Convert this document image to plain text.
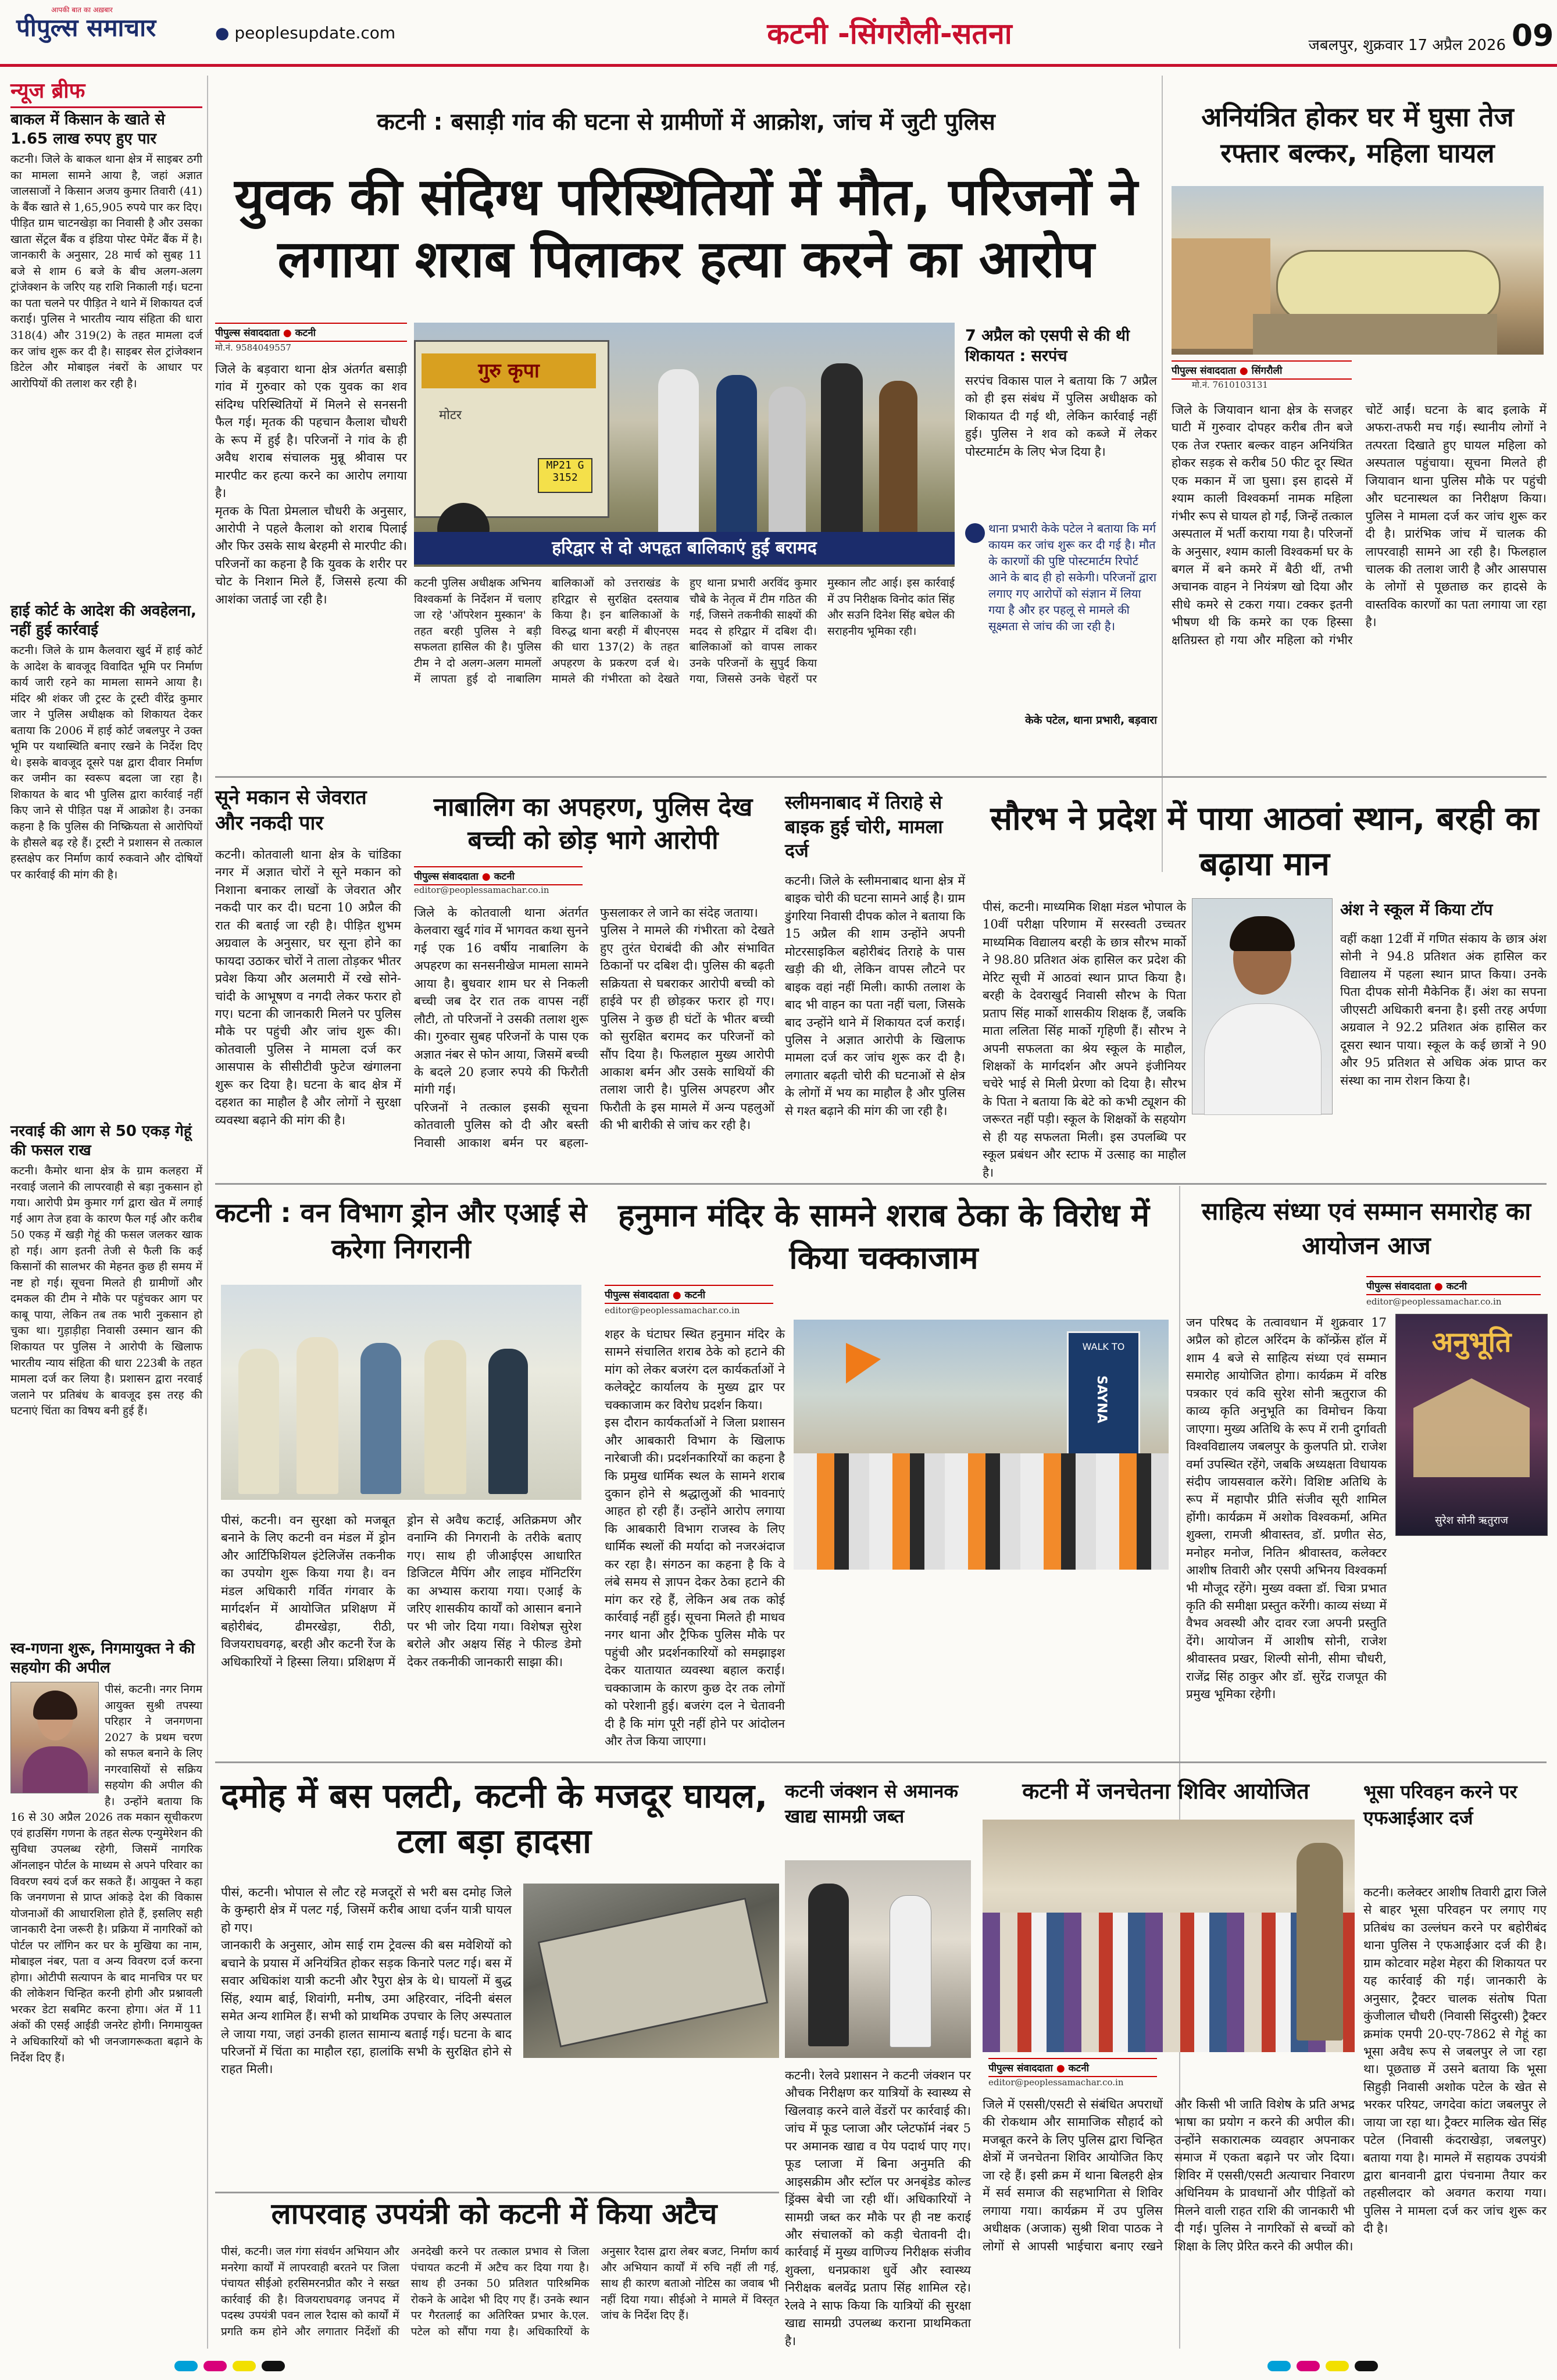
पीपुल्स समाचार
आपकी बात का अख़बार
● peoplesupdate.com	कटनी -सिंगरौली-सतना	जबलपुर, शुक्रवार 17 अप्रैल 2026 09
न्यूज ब्रीफ
बाकल में किसान के खाते से 1.65 लाख रुपए हुए पार
कटनी। जिले के बाकल थाना क्षेत्र में साइबर ठगी का मामला सामने आया है, जहां अज्ञात जालसाजों ने किसान अजय कुमार तिवारी (41) के बैंक खाते से 1,65,905 रुपये पार कर दिए। पीड़ित ग्राम चाटनखेड़ा का निवासी है और उसका खाता सेंट्रल बैंक व इंडिया पोस्ट पेमेंट बैंक में है। जानकारी के अनुसार, 28 मार्च को सुबह 11 बजे से शाम 6 बजे के बीच अलग-अलग ट्रांजेक्शन के जरिए यह राशि निकाली गई। घटना का पता चलने पर पीड़ित ने थाने में शिकायत दर्ज कराई। पुलिस ने भारतीय न्याय संहिता की धारा 318(4) और 319(2) के तहत मामला दर्ज कर जांच शुरू कर दी है। साइबर सेल ट्रांजेक्शन डिटेल और मोबाइल नंबरों के आधार पर आरोपियों की तलाश कर रही है।
हाई कोर्ट के आदेश की अवहेलना, नहीं हुई कार्रवाई
कटनी। जिले के ग्राम कैलवारा खुर्द में हाई कोर्ट के आदेश के बावजूद विवादित भूमि पर निर्माण कार्य जारी रहने का मामला सामने आया है। मंदिर श्री शंकर जी ट्रस्ट के ट्रस्टी वीरेंद्र कुमार जार ने पुलिस अधीक्षक को शिकायत देकर बताया कि 2006 में हाई कोर्ट जबलपुर ने उक्त भूमि पर यथास्थिति बनाए रखने के निर्देश दिए थे। इसके बावजूद दूसरे पक्ष द्वारा दीवार निर्माण कर जमीन का स्वरूप बदला जा रहा है। शिकायत के बाद भी पुलिस द्वारा कार्रवाई नहीं किए जाने से पीड़ित पक्ष में आक्रोश है। उनका कहना है कि पुलिस की निष्क्रियता से आरोपियों के हौसले बढ़ रहे हैं। ट्रस्टी ने प्रशासन से तत्काल हस्तक्षेप कर निर्माण कार्य रुकवाने और दोषियों पर कार्रवाई की मांग की है।
नरवाई की आग से 50 एकड़ गेहूं की फसल राख
कटनी। कैमोर थाना क्षेत्र के ग्राम कलहरा में नरवाई जलाने की लापरवाही से बड़ा नुकसान हो गया। आरोपी प्रेम कुमार गर्ग द्वारा खेत में लगाई गई आग तेज हवा के कारण फैल गई और करीब 50 एकड़ में खड़ी गेहूं की फसल जलकर खाक हो गई। आग इतनी तेजी से फैली कि कई किसानों की सालभर की मेहनत कुछ ही समय में नष्ट हो गई। सूचना मिलते ही ग्रामीणों और दमकल की टीम ने मौके पर पहुंचकर आग पर काबू पाया, लेकिन तब तक भारी नुकसान हो चुका था। गुड़ाड़ीहा निवासी उस्मान खान की शिकायत पर पुलिस ने आरोपी के खिलाफ भारतीय न्याय संहिता की धारा 223बी के तहत मामला दर्ज कर लिया है। प्रशासन द्वारा नरवाई जलाने पर प्रतिबंध के बावजूद इस तरह की घटनाएं चिंता का विषय बनी हुई हैं।
स्व-गणना शुरू, निगमायुक्त ने की सहयोग की अपील
पीसं, कटनी। नगर निगम आयुक्त सुश्री तपस्या परिहार ने जनगणना 2027 के प्रथम चरण को सफल बनाने के लिए नगरवासियों से सक्रिय सहयोग की अपील की है। उन्होंने बताया कि 16 से 30 अप्रैल 2026 तक मकान सूचीकरण एवं हाउसिंग गणना के तहत सेल्फ एन्युमेरेशन की सुविधा उपलब्ध रहेगी, जिसमें नागरिक ऑनलाइन पोर्टल के माध्यम से अपने परिवार का विवरण स्वयं दर्ज कर सकते हैं। आयुक्त ने कहा कि जनगणना से प्राप्त आंकड़े देश की विकास योजनाओं की आधारशिला होते हैं, इसलिए सही जानकारी देना जरूरी है। प्रक्रिया में नागरिकों को पोर्टल पर लॉगिन कर घर के मुखिया का नाम, मोबाइल नंबर, पता व अन्य विवरण दर्ज करना होगा। ओटीपी सत्यापन के बाद मानचित्र पर घर की लोकेशन चिन्हित करनी होगी और प्रश्नावली भरकर डेटा सबमिट करना होगा। अंत में 11 अंकों की एसई आईडी जनरेट होगी। निगमायुक्त ने अधिकारियों को भी जनजागरूकता बढ़ाने के निर्देश दिए हैं।
कटनी : बसाड़ी गांव की घटना से ग्रामीणों में आक्रोश, जांच में जुटी पुलिस
युवक की संदिग्ध परिस्थितियों में मौत, परिजनों ने लगाया शराब पिलाकर हत्या करने का आरोप
पीपुल्स संवाददाता ● कटनी
मो.नं. 9584049557
जिले के बड़वारा थाना क्षेत्र अंतर्गत बसाड़ी गांव में गुरुवार को एक युवक का शव संदिग्ध परिस्थितियों में मिलने से सनसनी फैल गई। मृतक की पहचान कैलाश चौधरी के रूप में हुई है। परिजनों ने गांव के ही अवैध शराब संचालक मुन्नू श्रीवास पर मारपीट कर हत्या करने का आरोप लगाया है।
मृतक के पिता प्रेमलाल चौधरी के अनुसार, आरोपी ने पहले कैलाश को शराब पिलाई और फिर उसके साथ बेरहमी से मारपीट की। परिजनों का कहना है कि युवक के शरीर पर चोट के निशान मिले हैं, जिससे हत्या की आशंका जताई जा रही है।
गुरु कृपा
मोटर
MP21 G 3152
हरिद्वार से दो अपहृत बालिकाएं हुईं बरामद
कटनी पुलिस अधीक्षक अभिनय विश्वकर्मा के निर्देशन में चलाए जा रहे 'ऑपरेशन मुस्कान' के तहत बरही पुलिस ने बड़ी सफलता हासिल की है। पुलिस टीम ने दो अलग-अलग मामलों में लापता हुई दो नाबालिग बालिकाओं को उत्तराखंड के हरिद्वार से सुरक्षित दस्तयाब किया है। इन बालिकाओं के विरुद्ध थाना बरही में बीएनएस की धारा 137(2) के तहत अपहरण के प्रकरण दर्ज थे। मामले की गंभीरता को देखते हुए थाना प्रभारी अरविंद कुमार चौबे के नेतृत्व में टीम गठित की गई, जिसने तकनीकी साक्ष्यों की मदद से हरिद्वार में दबिश दी। बालिकाओं को वापस लाकर उनके परिजनों के सुपुर्द किया गया, जिससे उनके चेहरों पर मुस्कान लौट आई। इस कार्रवाई में उप निरीक्षक विनोद कांत सिंह और सउनि दिनेश सिंह बघेल की सराहनीय भूमिका रही।
7 अप्रैल को एसपी से की थी शिकायत : सरपंच
सरपंच विकास पाल ने बताया कि 7 अप्रैल को ही इस संबंध में पुलिस अधीक्षक को शिकायत दी गई थी, लेकिन कार्रवाई नहीं हुई। पुलिस ने शव को कब्जे में लेकर पोस्टमार्टम के लिए भेज दिया है।
थाना प्रभारी केके पटेल ने बताया कि मर्ग कायम कर जांच शुरू कर दी गई है। मौत के कारणों की पुष्टि पोस्टमार्टम रिपोर्ट आने के बाद ही हो सकेगी। परिजनों द्वारा लगाए गए आरोपों को संज्ञान में लिया गया है और हर पहलू से मामले की सूक्ष्मता से जांच की जा रही है।
केके पटेल, थाना प्रभारी, बड़वारा
अनियंत्रित होकर घर में घुसा तेज रफ्तार बल्कर, महिला घायल
पीपुल्स संवाददाता ● सिंगरौली
मो.नं. 7610103131
जिले के जियावान थाना क्षेत्र के सजहर घाटी में गुरुवार दोपहर करीब तीन बजे एक तेज रफ्तार बल्कर वाहन अनियंत्रित होकर सड़क से करीब 50 फीट दूर स्थित एक मकान में जा घुसा। इस हादसे में श्याम काली विश्वकर्मा नामक महिला गंभीर रूप से घायल हो गईं, जिन्हें तत्काल अस्पताल में भर्ती कराया गया है। परिजनों के अनुसार, श्याम काली विश्वकर्मा घर के बगल में बने कमरे में बैठी थीं, तभी अचानक वाहन ने नियंत्रण खो दिया और सीधे कमरे से टकरा गया। टक्कर इतनी भीषण थी कि कमरे का एक हिस्सा क्षतिग्रस्त हो गया और महिला को गंभीर चोटें आईं। घटना के बाद इलाके में अफरा-तफरी मच गई। स्थानीय लोगों ने तत्परता दिखाते हुए घायल महिला को अस्पताल पहुंचाया। सूचना मिलते ही जियावान थाना पुलिस मौके पर पहुंची और घटनास्थल का निरीक्षण किया। पुलिस ने मामला दर्ज कर जांच शुरू कर दी है। प्रारंभिक जांच में चालक की लापरवाही सामने आ रही है। फिलहाल चालक की तलाश जारी है और आसपास के लोगों से पूछताछ कर हादसे के वास्तविक कारणों का पता लगाया जा रहा है।
सूने मकान से जेवरात और नकदी पार
कटनी। कोतवाली थाना क्षेत्र के चांडिका नगर में अज्ञात चोरों ने सूने मकान को निशाना बनाकर लाखों के जेवरात और नकदी पार कर दी। घटना 10 अप्रैल की रात की बताई जा रही है। पीड़ित शुभम अग्रवाल के अनुसार, घर सूना होने का फायदा उठाकर चोरों ने ताला तोड़कर भीतर प्रवेश किया और अलमारी में रखे सोने-चांदी के आभूषण व नगदी लेकर फरार हो गए। घटना की जानकारी मिलने पर पुलिस मौके पर पहुंची और जांच शुरू की। कोतवाली पुलिस ने मामला दर्ज कर आसपास के सीसीटीवी फुटेज खंगालना शुरू कर दिया है। घटना के बाद क्षेत्र में दहशत का माहौल है और लोगों ने सुरक्षा व्यवस्था बढ़ाने की मांग की है।
नाबालिग का अपहरण, पुलिस देख बच्ची को छोड़ भागे आरोपी
पीपुल्स संवाददाता ● कटनी
editor@peoplessamachar.co.in
जिले के कोतवाली थाना अंतर्गत केलवारा खुर्द गांव में भागवत कथा सुनने गई एक 16 वर्षीय नाबालिग के अपहरण का सनसनीखेज मामला सामने आया है। बुधवार शाम घर से निकली बच्ची जब देर रात तक वापस नहीं लौटी, तो परिजनों ने उसकी तलाश शुरू की। गुरुवार सुबह परिजनों के पास एक अज्ञात नंबर से फोन आया, जिसमें बच्ची के बदले 20 हजार रुपये की फिरौती मांगी गई।
परिजनों ने तत्काल इसकी सूचना कोतवाली पुलिस को दी और बस्ती निवासी आकाश बर्मन पर बहला-फुसलाकर ले जाने का संदेह जताया।
पुलिस ने मामले की गंभीरता को देखते हुए तुरंत घेराबंदी की और संभावित ठिकानों पर दबिश दी। पुलिस की बढ़ती सक्रियता से घबराकर आरोपी बच्ची को हाईवे पर ही छोड़कर फरार हो गए। पुलिस ने कुछ ही घंटों के भीतर बच्ची को सुरक्षित बरामद कर परिजनों को सौंप दिया है। फिलहाल मुख्य आरोपी आकाश बर्मन और उसके साथियों की तलाश जारी है। पुलिस अपहरण और फिरौती के इस मामले में अन्य पहलुओं की भी बारीकी से जांच कर रही है।
स्लीमनाबाद में तिराहे से बाइक हुई चोरी, मामला दर्ज
कटनी। जिले के स्लीमनाबाद थाना क्षेत्र में बाइक चोरी की घटना सामने आई है। ग्राम डुंगरिया निवासी दीपक कोल ने बताया कि 15 अप्रैल की शाम उन्होंने अपनी मोटरसाइकिल बहोरीबंद तिराहे के पास खड़ी की थी, लेकिन वापस लौटने पर बाइक वहां नहीं मिली। काफी तलाश के बाद भी वाहन का पता नहीं चला, जिसके बाद उन्होंने थाने में शिकायत दर्ज कराई। पुलिस ने अज्ञात आरोपी के खिलाफ मामला दर्ज कर जांच शुरू कर दी है। लगातार बढ़ती चोरी की घटनाओं से क्षेत्र के लोगों में भय का माहौल है और पुलिस से गश्त बढ़ाने की मांग की जा रही है।
सौरभ ने प्रदेश में पाया आठवां स्थान, बरही का बढ़ाया मान
पीसं, कटनी। माध्यमिक शिक्षा मंडल भोपाल के 10वीं परीक्षा परिणाम में सरस्वती उच्चतर माध्यमिक विद्यालय बरही के छात्र सौरभ मार्को ने 98.80 प्रतिशत अंक हासिल कर प्रदेश की मेरिट सूची में आठवां स्थान प्राप्त किया है। बरही के देवराखुर्द निवासी सौरभ के पिता प्रताप सिंह मार्को शासकीय शिक्षक हैं, जबकि माता ललिता सिंह मार्को गृहिणी हैं। सौरभ ने अपनी सफलता का श्रेय स्कूल के माहौल, शिक्षकों के मार्गदर्शन और अपने इंजीनियर चचेरे भाई से मिली प्रेरणा को दिया है। सौरभ के पिता ने बताया कि बेटे को कभी ट्यूशन की जरूरत नहीं पड़ी। स्कूल के शिक्षकों के सहयोग से ही यह सफलता मिली। इस उपलब्धि पर स्कूल प्रबंधन और स्टाफ में उत्साह का माहौल है।
अंश ने स्कूल में किया टॉप
वहीं कक्षा 12वीं में गणित संकाय के छात्र अंश सोनी ने 94.8 प्रतिशत अंक हासिल कर विद्यालय में पहला स्थान प्राप्त किया। उनके पिता दीपक सोनी मैकेनिक हैं। अंश का सपना जीएसटी अधिकारी बनना है। इसी तरह अर्पणा अग्रवाल ने 92.2 प्रतिशत अंक हासिल कर दूसरा स्थान पाया। स्कूल के कई छात्रों ने 90 और 95 प्रतिशत से अधिक अंक प्राप्त कर संस्था का नाम रोशन किया है।
कटनी : वन विभाग ड्रोन और एआई से करेगा निगरानी
पीसं, कटनी। वन सुरक्षा को मजबूत बनाने के लिए कटनी वन मंडल में ड्रोन और आर्टिफिशियल इंटेलिजेंस तकनीक का उपयोग शुरू किया गया है। वन मंडल अधिकारी गर्वित गंगवार के मार्गदर्शन में आयोजित प्रशिक्षण में बहोरीबंद, ढीमरखेड़ा, रीठी, विजयराघवगढ़, बरही और कटनी रेंज के अधिकारियों ने हिस्सा लिया। प्रशिक्षण में ड्रोन से अवैध कटाई, अतिक्रमण और वनाग्नि की निगरानी के तरीके बताए गए। साथ ही जीआईएस आधारित डिजिटल मैपिंग और लाइव मॉनिटरिंग का अभ्यास कराया गया। एआई के जरिए शासकीय कार्यों को आसान बनाने पर भी जोर दिया गया। विशेषज्ञ सुरेश बरोले और अक्षय सिंह ने फील्ड डेमो देकर तकनीकी जानकारी साझा की।
हनुमान मंदिर के सामने शराब ठेका के विरोध में किया चक्काजाम
पीपुल्स संवाददाता ● कटनी
editor@peoplessamachar.co.in
शहर के घंटाघर स्थित हनुमान मंदिर के सामने संचालित शराब ठेके को हटाने की मांग को लेकर बजरंग दल कार्यकर्ताओं ने कलेक्ट्रेट कार्यालय के मुख्य द्वार पर चक्काजाम कर विरोध प्रदर्शन किया।
इस दौरान कार्यकर्ताओं ने जिला प्रशासन और आबकारी विभाग के खिलाफ नारेबाजी की। प्रदर्शनकारियों का कहना है कि प्रमुख धार्मिक स्थल के सामने शराब दुकान होने से श्रद्धालुओं की भावनाएं आहत हो रही हैं। उन्होंने आरोप लगाया कि आबकारी विभाग राजस्व के लिए धार्मिक स्थलों की मर्यादा को नजरअंदाज कर रहा है। संगठन का कहना है कि वे लंबे समय से ज्ञापन देकर ठेका हटाने की मांग कर रहे हैं, लेकिन अब तक कोई कार्रवाई नहीं हुई। सूचना मिलते ही माधव नगर थाना और ट्रैफिक पुलिस मौके पर पहुंची और प्रदर्शनकारियों को समझाइश देकर यातायात व्यवस्था बहाल कराई। चक्काजाम के कारण कुछ देर तक लोगों को परेशानी हुई। बजरंग दल ने चेतावनी दी है कि मांग पूरी नहीं होने पर आंदोलन और तेज किया जाएगा।
WALK TO
SAYNA
साहित्य संध्या एवं सम्मान समारोह का आयोजन आज
पीपुल्स संवाददाता ● कटनी
editor@peoplessamachar.co.in
अनुभूति
सुरेश सोनी ऋतुराज
जन परिषद के तत्वावधान में शुक्रवार 17 अप्रैल को होटल अरिंदम के कॉन्फ्रेंस हॉल में शाम 4 बजे से साहित्य संध्या एवं सम्मान समारोह आयोजित होगा। कार्यक्रम में वरिष्ठ पत्रकार एवं कवि सुरेश सोनी ऋतुराज की काव्य कृति अनुभूति का विमोचन किया जाएगा। मुख्य अतिथि के रूप में रानी दुर्गावती विश्वविद्यालय जबलपुर के कुलपति प्रो. राजेश वर्मा उपस्थित रहेंगे, जबकि अध्यक्षता विधायक संदीप जायसवाल करेंगे। विशिष्ट अतिथि के रूप में महापौर प्रीति संजीव सूरी शामिल होंगी। कार्यक्रम में अशोक विश्वकर्मा, अमित शुक्ला, रामजी श्रीवास्तव, डॉ. प्रणीत सेठ, मनोहर मनोज, नितिन श्रीवास्तव, कलेक्टर आशीष तिवारी और एसपी अभिनय विश्वकर्मा भी मौजूद रहेंगे। मुख्य वक्ता डॉ. चित्रा प्रभात कृति की समीक्षा प्रस्तुत करेंगी। काव्य संध्या में वैभव अवस्थी और दावर रजा अपनी प्रस्तुति देंगे। आयोजन में आशीष सोनी, राजेश श्रीवास्तव प्रखर, शिल्पी सोनी, सीमा चौधरी, राजेंद्र सिंह ठाकुर और डॉ. सुरेंद्र राजपूत की प्रमुख भूमिका रहेगी।
दमोह में बस पलटी, कटनी के मजदूर घायल, टला बड़ा हादसा
पीसं, कटनी। भोपाल से लौट रहे मजदूरों से भरी बस दमोह जिले के कुम्हारी क्षेत्र में पलट गई, जिसमें करीब आधा दर्जन यात्री घायल हो गए।
जानकारी के अनुसार, ओम साई राम ट्रेवल्स की बस मवेशियों को बचाने के प्रयास में अनियंत्रित होकर सड़क किनारे पलट गई। बस में सवार अधिकांश यात्री कटनी और रैपुरा क्षेत्र के थे। घायलों में बुद्ध सिंह, श्याम बाई, शिवांगी, मनीष, उमा अहिरवार, नंदिनी बंसल समेत अन्य शामिल हैं। सभी को प्राथमिक उपचार के लिए अस्पताल ले जाया गया, जहां उनकी हालत सामान्य बताई गई। घटना के बाद परिजनों में चिंता का माहौल रहा, हालांकि सभी के सुरक्षित होने से राहत मिली।
कटनी जंक्शन से अमानक खाद्य सामग्री जब्त
कटनी। रेलवे प्रशासन ने कटनी जंक्शन पर औचक निरीक्षण कर यात्रियों के स्वास्थ्य से खिलवाड़ करने वाले वेंडरों पर कार्रवाई की। जांच में फूड प्लाजा और प्लेटफॉर्म नंबर 5 पर अमानक खाद्य व पेय पदार्थ पाए गए। फूड प्लाजा में बिना अनुमति की आइसक्रीम और स्टॉल पर अनबृंडेड कोल्ड ड्रिंक्स बेची जा रही थीं। अधिकारियों ने सामग्री जब्त कर मौके पर ही नष्ट कराई और संचालकों को कड़ी चेतावनी दी। कार्रवाई में मुख्य वाणिज्य निरीक्षक संजीव शुक्ला, धनप्रकाश धुर्वे और स्वास्थ्य निरीक्षक बलवेंद्र प्रताप सिंह शामिल रहे। रेलवे ने साफ किया कि यात्रियों की सुरक्षा खाद्य सामग्री उपलब्ध कराना प्राथमिकता है।
कटनी में जनचेतना शिविर आयोजित
पीपुल्स संवाददाता ● कटनी
editor@peoplessamachar.co.in
जिले में एससी/एसटी से संबंधित अपराधों की रोकथाम और सामाजिक सौहार्द को मजबूत करने के लिए पुलिस द्वारा चिन्हित क्षेत्रों में जनचेतना शिविर आयोजित किए जा रहे हैं। इसी क्रम में थाना बिलहरी क्षेत्र में सर्व समाज की सहभागिता से शिविर लगाया गया। कार्यक्रम में उप पुलिस अधीक्षक (अजाक) सुश्री शिवा पाठक ने लोगों से आपसी भाईचारा बनाए रखने और किसी भी जाति विशेष के प्रति अभद्र भाषा का प्रयोग न करने की अपील की। उन्होंने सकारात्मक व्यवहार अपनाकर समाज में एकता बढ़ाने पर जोर दिया। शिविर में एससी/एसटी अत्याचार निवारण अधिनियम के प्रावधानों और पीड़ितों को मिलने वाली राहत राशि की जानकारी भी दी गई। पुलिस ने नागरिकों से बच्चों को शिक्षा के लिए प्रेरित करने की अपील की।
भूसा परिवहन करने पर एफआईआर दर्ज
कटनी। कलेक्टर आशीष तिवारी द्वारा जिले से बाहर भूसा परिवहन पर लगाए गए प्रतिबंध का उल्लंघन करने पर बहोरीबंद थाना पुलिस ने एफआईआर दर्ज की है। ग्राम कोटवार महेश मेहरा की शिकायत पर यह कार्रवाई की गई। जानकारी के अनुसार, ट्रैक्टर चालक संतोष पिता कुंजीलाल चौधरी (निवासी सिंदुरसी) ट्रैक्टर क्रमांक एमपी 20-एए-7862 से गेहूं का भूसा अवैध रूप से जबलपुर ले जा रहा था। पूछताछ में उसने बताया कि भूसा सिहुड़ी निवासी अशोक पटेल के खेत से भरकर परियट, जगदेवा कांटा जबलपुर ले जाया जा रहा था। ट्रैक्टर मालिक खेत सिंह पटेल (निवासी कंदराखेड़ा, जबलपुर) बताया गया है। मामले में सहायक उपयंत्री द्वारा बानवानी द्वारा पंचनामा तैयार कर तहसीलदार को अवगत कराया गया। पुलिस ने मामला दर्ज कर जांच शुरू कर दी है।
लापरवाह उपयंत्री को कटनी में किया अटैच
पीसं, कटनी। जल गंगा संवर्धन अभियान और मनरेगा कार्यों में लापरवाही बरतने पर जिला पंचायत सीईओ हरसिमरनप्रीत कौर ने सख्त कार्रवाई की है। विजयराघवगढ़ जनपद में पदस्थ उपयंत्री पवन लाल रैदास को कार्यों में प्रगति कम होने और लगातार निर्देशों की अनदेखी करने पर तत्काल प्रभाव से जिला पंचायत कटनी में अटैच कर दिया गया है। साथ ही उनका 50 प्रतिशत पारिश्रमिक रोकने के आदेश भी दिए गए हैं। उनके स्थान पर गैरतलाई का अतिरिक्त प्रभार के.एल. पटेल को सौंपा गया है। अधिकारियों के अनुसार रैदास द्वारा लेबर बजट, निर्माण कार्य और अभियान कार्यों में रुचि नहीं ली गई, साथ ही कारण बताओ नोटिस का जवाब भी नहीं दिया गया। सीईओ ने मामले में विस्तृत जांच के निर्देश दिए हैं।
